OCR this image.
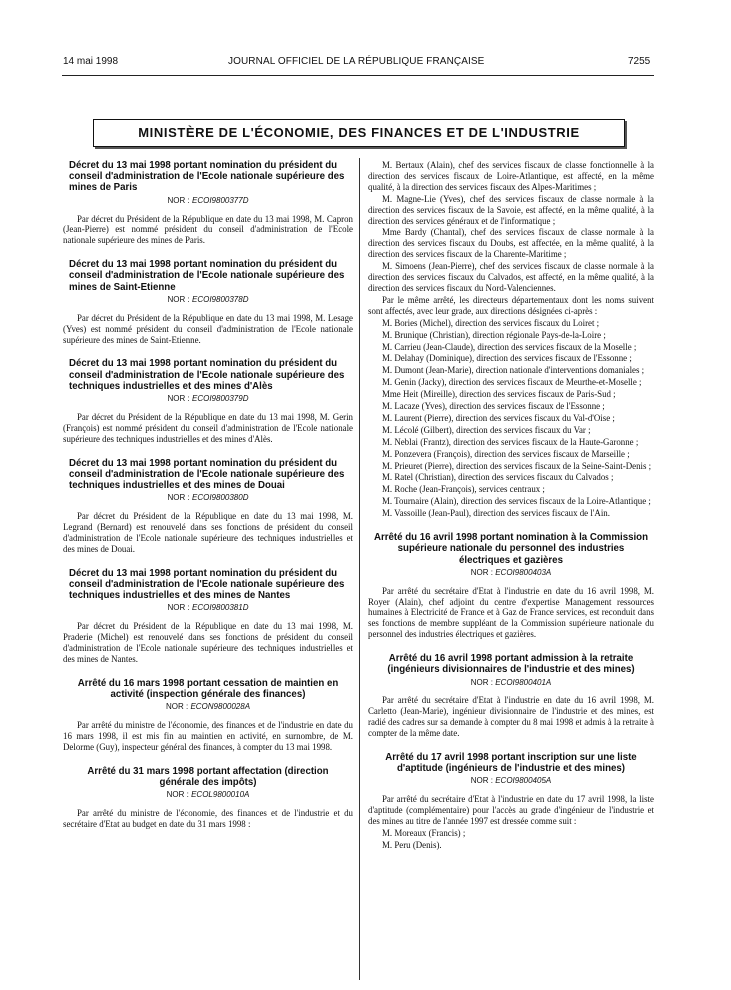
14 mai 1998	JOURNAL OFFICIEL DE LA RÉPUBLIQUE FRANÇAISE	7255
MINISTÈRE DE L'ÉCONOMIE, DES FINANCES ET DE L'INDUSTRIE
Décret du 13 mai 1998 portant nomination du président du conseil d'administration de l'Ecole nationale supérieure des mines de Paris
NOR : ECOI9800377D

Par décret du Président de la République en date du 13 mai 1998, M. Capron (Jean-Pierre) est nommé président du conseil d'administration de l'Ecole nationale supérieure des mines de Paris.

Décret du 13 mai 1998 portant nomination du président du conseil d'administration de l'Ecole nationale supérieure des mines de Saint-Etienne
NOR : ECOI9800378D

Par décret du Président de la République en date du 13 mai 1998, M. Lesage (Yves) est nommé président du conseil d'administration de l'Ecole nationale supérieure des mines de Saint-Etienne.

Décret du 13 mai 1998 portant nomination du président du conseil d'administration de l'Ecole nationale supérieure des techniques industrielles et des mines d'Alès
NOR : ECOI9800379D

Par décret du Président de la République en date du 13 mai 1998, M. Gerin (François) est nommé président du conseil d'administration de l'Ecole nationale supérieure des techniques industrielles et des mines d'Alès.

Décret du 13 mai 1998 portant nomination du président du conseil d'administration de l'Ecole nationale supérieure des techniques industrielles et des mines de Douai
NOR : ECOI9800380D

Par décret du Président de la République en date du 13 mai 1998, M. Legrand (Bernard) est renouvelé dans ses fonctions de président du conseil d'administration de l'Ecole nationale supérieure des techniques industrielles et des mines de Douai.

Décret du 13 mai 1998 portant nomination du président du conseil d'administration de l'Ecole nationale supérieure des techniques industrielles et des mines de Nantes
NOR : ECOI9800381D

Par décret du Président de la République en date du 13 mai 1998, M. Praderie (Michel) est renouvelé dans ses fonctions de président du conseil d'administration de l'Ecole nationale supérieure des techniques industrielles et des mines de Nantes.

Arrêté du 16 mars 1998 portant cessation de maintien en activité (inspection générale des finances)
NOR : ECON9800028A

Par arrêté du ministre de l'économie, des finances et de l'industrie en date du 16 mars 1998, il est mis fin au maintien en activité, en surnombre, de M. Delorme (Guy), inspecteur général des finances, à compter du 13 mai 1998.

Arrêté du 31 mars 1998 portant affectation (direction générale des impôts)
NOR : ECOL9800010A

Par arrêté du ministre de l'économie, des finances et de l'industrie et du secrétaire d'Etat au budget en date du 31 mars 1998 :

M. Bertaux (Alain), chef des services fiscaux de classe fonctionnelle à la direction des services fiscaux de Loire-Atlantique, est affecté, en la même qualité, à la direction des services fiscaux des Alpes-Maritimes ;

M. Magne-Lie (Yves), chef des services fiscaux de classe normale à la direction des services fiscaux de la Savoie, est affecté, en la même qualité, à la direction des services généraux et de l'informatique ;

Mme Bardy (Chantal), chef des services fiscaux de classe normale à la direction des services fiscaux du Doubs, est affectée, en la même qualité, à la direction des services fiscaux de la Charente-Maritime ;

M. Simoens (Jean-Pierre), chef des services fiscaux de classe normale à la direction des services fiscaux du Calvados, est affecté, en la même qualité, à la direction des services fiscaux du Nord-Valenciennes.

Par le même arrêté, les directeurs départementaux dont les noms suivent sont affectés, avec leur grade, aux directions désignées ci-après :

M. Bories (Michel), direction des services fiscaux du Loiret ;

M. Brunique (Christian), direction régionale Pays-de-la-Loire ;

M. Carrieu (Jean-Claude), direction des services fiscaux de la Moselle ;

M. Delahay (Dominique), direction des services fiscaux de l'Essonne ;

M. Dumont (Jean-Marie), direction nationale d'interventions domaniales ;

M. Genin (Jacky), direction des services fiscaux de Meurthe-et-Moselle ;

Mme Heit (Mireille), direction des services fiscaux de Paris-Sud ;

M. Lacaze (Yves), direction des services fiscaux de l'Essonne ;

M. Laurent (Pierre), direction des services fiscaux du Val-d'Oise ;

M. Lécolé (Gilbert), direction des services fiscaux du Var ;

M. Neblai (Frantz), direction des services fiscaux de la Haute-Garonne ;

M. Ponzevera (François), direction des services fiscaux de Marseille ;

M. Prieuret (Pierre), direction des services fiscaux de la Seine-Saint-Denis ;

M. Ratel (Christian), direction des services fiscaux du Calvados ;

M. Roche (Jean-François), services centraux ;

M. Tournaire (Alain), direction des services fiscaux de la Loire-Atlantique ;

M. Vassoille (Jean-Paul), direction des services fiscaux de l'Ain.

Arrêté du 16 avril 1998 portant nomination à la Commission supérieure nationale du personnel des industries électriques et gazières
NOR : ECOI9800403A

Par arrêté du secrétaire d'Etat à l'industrie en date du 16 avril 1998, M. Royer (Alain), chef adjoint du centre d'expertise Management ressources humaines à Electricité de France et à Gaz de France services, est reconduit dans ses fonctions de membre suppléant de la Commission supérieure nationale du personnel des industries électriques et gazières.

Arrêté du 16 avril 1998 portant admission à la retraite (ingénieurs divisionnaires de l'industrie et des mines)
NOR : ECOI9800401A

Par arrêté du secrétaire d'Etat à l'industrie en date du 16 avril 1998, M. Carletto (Jean-Marie), ingénieur divisionnaire de l'industrie et des mines, est radié des cadres sur sa demande à compter du 8 mai 1998 et admis à la retraite à compter de la même date.

Arrêté du 17 avril 1998 portant inscription sur une liste d'aptitude (ingénieurs de l'industrie et des mines)
NOR : ECOI9800405A

Par arrêté du secrétaire d'Etat à l'industrie en date du 17 avril 1998, la liste d'aptitude (complémentaire) pour l'accès au grade d'ingénieur de l'industrie et des mines au titre de l'année 1997 est dressée comme suit :

M. Moreaux (Francis) ;

M. Peru (Denis).
